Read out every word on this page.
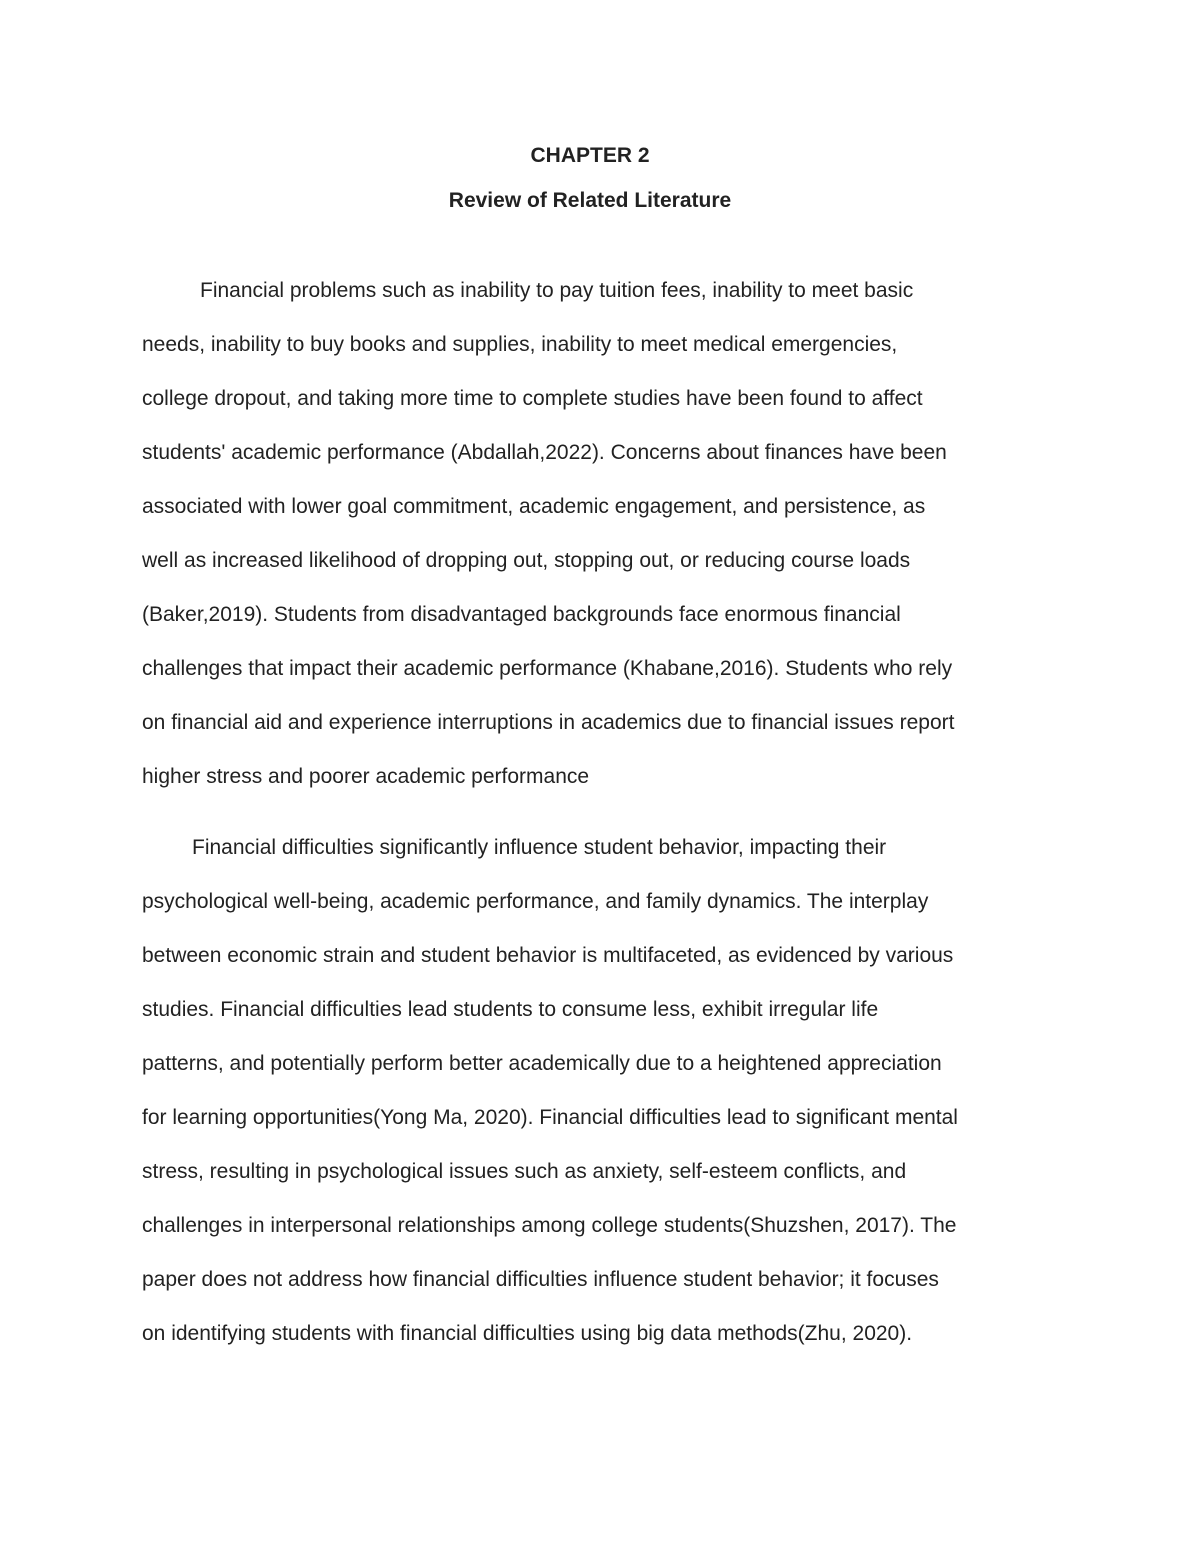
CHAPTER 2
Review of Related Literature
Financial problems such as inability to pay tuition fees, inability to meet basic
needs, inability to buy books and supplies, inability to meet medical emergencies,
college dropout, and taking more time to complete studies have been found to affect
students' academic performance (Abdallah,2022). Concerns about finances have been
associated with lower goal commitment, academic engagement, and persistence, as
well as increased likelihood of dropping out, stopping out, or reducing course loads
(Baker,2019). Students from disadvantaged backgrounds face enormous financial
challenges that impact their academic performance (Khabane,2016). Students who rely
on financial aid and experience interruptions in academics due to financial issues report
higher stress and poorer academic performance
Financial difficulties significantly influence student behavior, impacting their
psychological well-being, academic performance, and family dynamics. The interplay
between economic strain and student behavior is multifaceted, as evidenced by various
studies. Financial difficulties lead students to consume less, exhibit irregular life
patterns, and potentially perform better academically due to a heightened appreciation
for learning opportunities(Yong Ma, 2020). Financial difficulties lead to significant mental
stress, resulting in psychological issues such as anxiety, self-esteem conflicts, and
challenges in interpersonal relationships among college students(Shuzshen, 2017). The
paper does not address how financial difficulties influence student behavior; it focuses
on identifying students with financial difficulties using big data methods(Zhu, 2020).
